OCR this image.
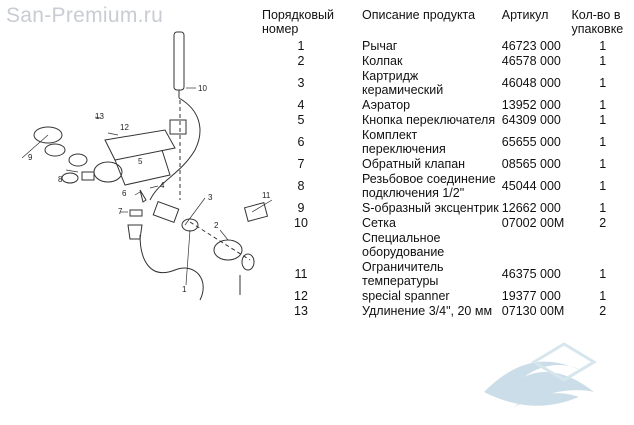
San-Premium.ru
10
13
12
5
9
8
6
4
7
3
2
11
1
Порядковый номер	Описание продукта	Артикул	Кол-во в упаковке
1	Рычаг	46723 000	1
2	Колпак	46578 000	1
3	Картридж керамический	46048 000	1
4	Аэратор	13952 000	1
5	Кнопка переключателя	64309 000	1
6	Комплект переключения	65655 000	1
7	Обратный клапан	08565 000	1
8	Резьбовое соединение подключения 1/2"	45044 000	1
9	S-образный эксцентрик	12662 000	1
10	Сетка	07002 00M	2
	Специальное оборудование		
11	Ограничитель температуры	46375 000	1
12	special spanner	19377 000	1
13	Удлинение 3/4", 20 мм	07130 00M	2
